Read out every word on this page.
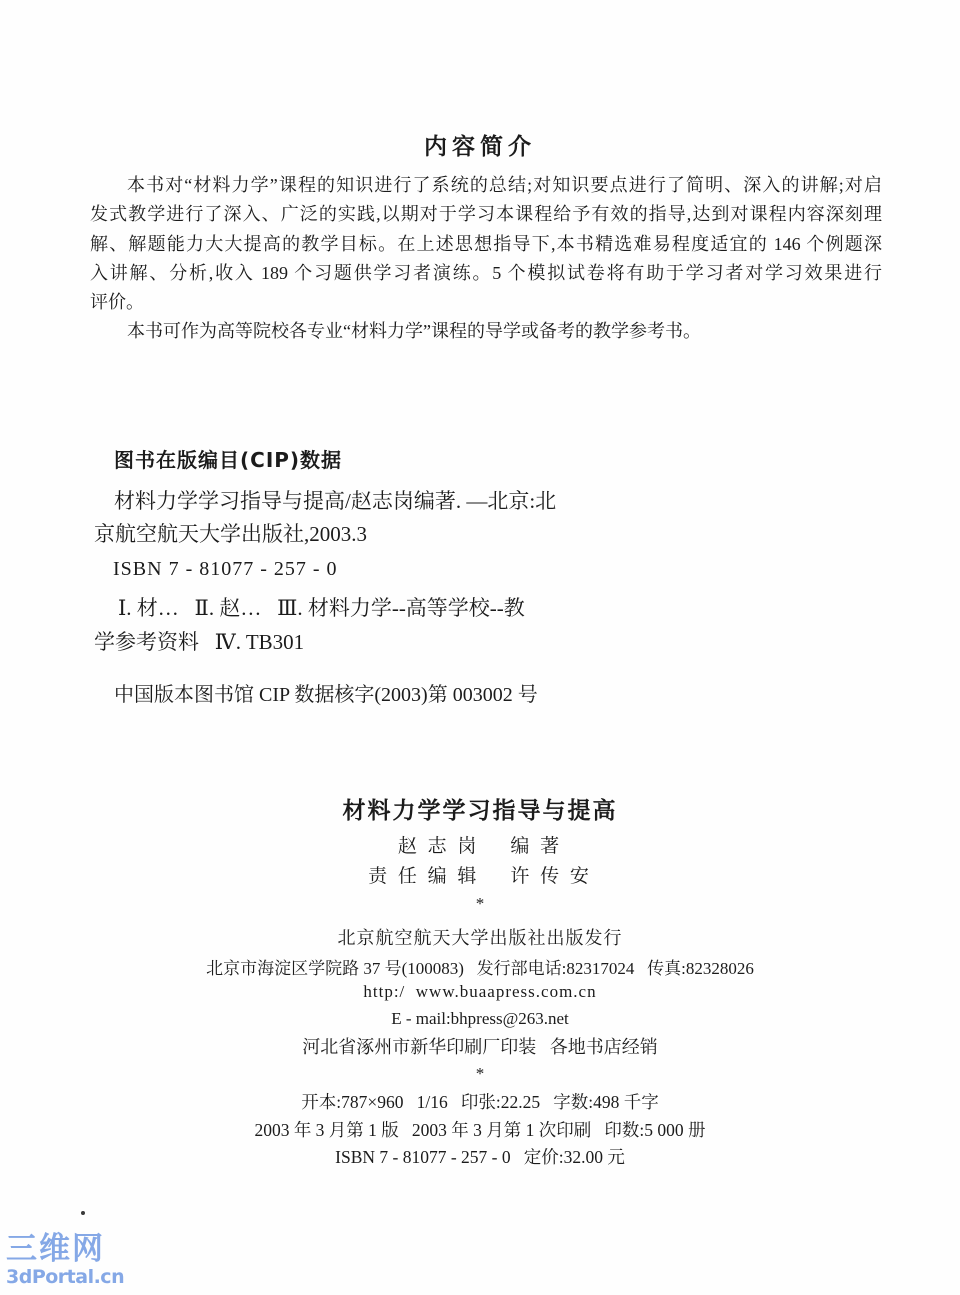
内容简介
本书对“材料力学”课程的知识进行了系统的总结;对知识要点进行了简明、深入的讲解;对启
发式教学进行了深入、广泛的实践,以期对于学习本课程给予有效的指导,达到对课程内容深刻理
解、解题能力大大提高的教学目标。在上述思想指导下,本书精选难易程度适宜的 146 个例题深
入讲解、分析,收入 189 个习题供学习者演练。5 个模拟试卷将有助于学习者对学习效果进行
评价。
本书可作为高等院校各专业“材料力学”课程的导学或备考的教学参考书。
图书在版编目(CIP)数据
材料力学学习指导与提高/赵志岗编著. —北京:北
京航空航天大学出版社,2003.3
ISBN 7 - 81077 - 257 - 0
Ⅰ. 材…   Ⅱ. 赵…   Ⅲ. 材料力学--高等学校--教
学参考资料   Ⅳ. TB301
中国版本图书馆 CIP 数据核字(2003)第 003002 号
材料力学学习指导与提高
赵 志 岗    编 著
责 任 编 辑    许 传 安
*
北京航空航天大学出版社出版发行
北京市海淀区学院路 37 号(100083)   发行部电话:82317024   传真:82328026
http:/  www.buaapress.com.cn
E - mail:bhpress@263.net
河北省涿州市新华印刷厂印装   各地书店经销
*
开本:787×960   1/16   印张:22.25   字数:498 千字
2003 年 3 月第 1 版   2003 年 3 月第 1 次印刷   印数:5 000 册
ISBN 7 - 81077 - 257 - 0   定价:32.00 元
三维网
3dPortal.cn
